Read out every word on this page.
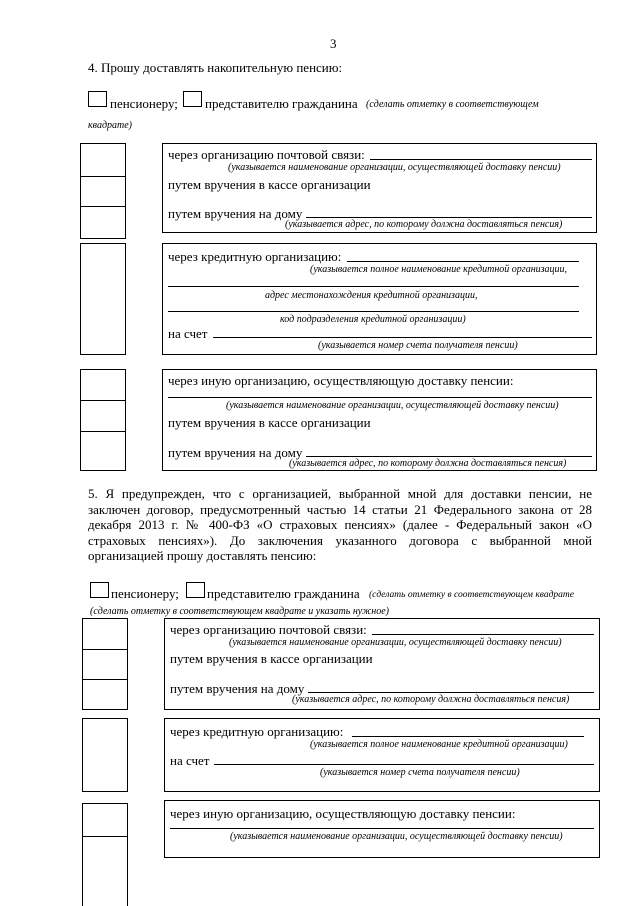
3
4. Прошу доставлять накопительную пенсию:
пенсионеру; представителю гражданина (сделать отметку в соответствующем
квадрате)
через организацию почтовой связи:
(указывается наименование организации, осуществляющей доставку пенсии)
путем вручения в кассе организации
путем вручения на дому
(указывается адрес, по которому должна доставляться пенсия)
через кредитную организацию:
(указывается полное наименование кредитной организации,
адрес местонахождения кредитной организации,
код подразделения кредитной организации)
на счет
(указывается номер счета получателя пенсии)
через иную организацию, осуществляющую доставку пенсии:
(указывается наименование организации, осуществляющей доставку пенсии)
путем вручения в кассе организации
путем вручения на дому
(указывается адрес, по которому должна доставляться пенсия)
5. Я предупрежден, что с организацией, выбранной мной для доставки пенсии, не
заключен договор, предусмотренный частью 14 статьи 21 Федерального закона от 28
декабря 2013 г. № 400-ФЗ «О страховых пенсиях» (далее - Федеральный закон «О
страховых пенсиях»). До заключения указанного договора с выбранной мной
организацией прошу доставлять пенсию:
пенсионеру; представителю гражданина (сделать отметку в соответствующем квадрате
(сделать отметку в соответствующем квадрате и указать нужное)
через организацию почтовой связи:
(указывается наименование организации, осуществляющей доставку пенсии)
путем вручения в кассе организации
путем вручения на дому
(указывается адрес, по которому должна доставляться пенсия)
через кредитную организацию:
(указывается полное наименование кредитной организации)
на счет
(указывается номер счета получателя пенсии)
через иную организацию, осуществляющую доставку пенсии:
(указывается наименование организации, осуществляющей доставку пенсии)
